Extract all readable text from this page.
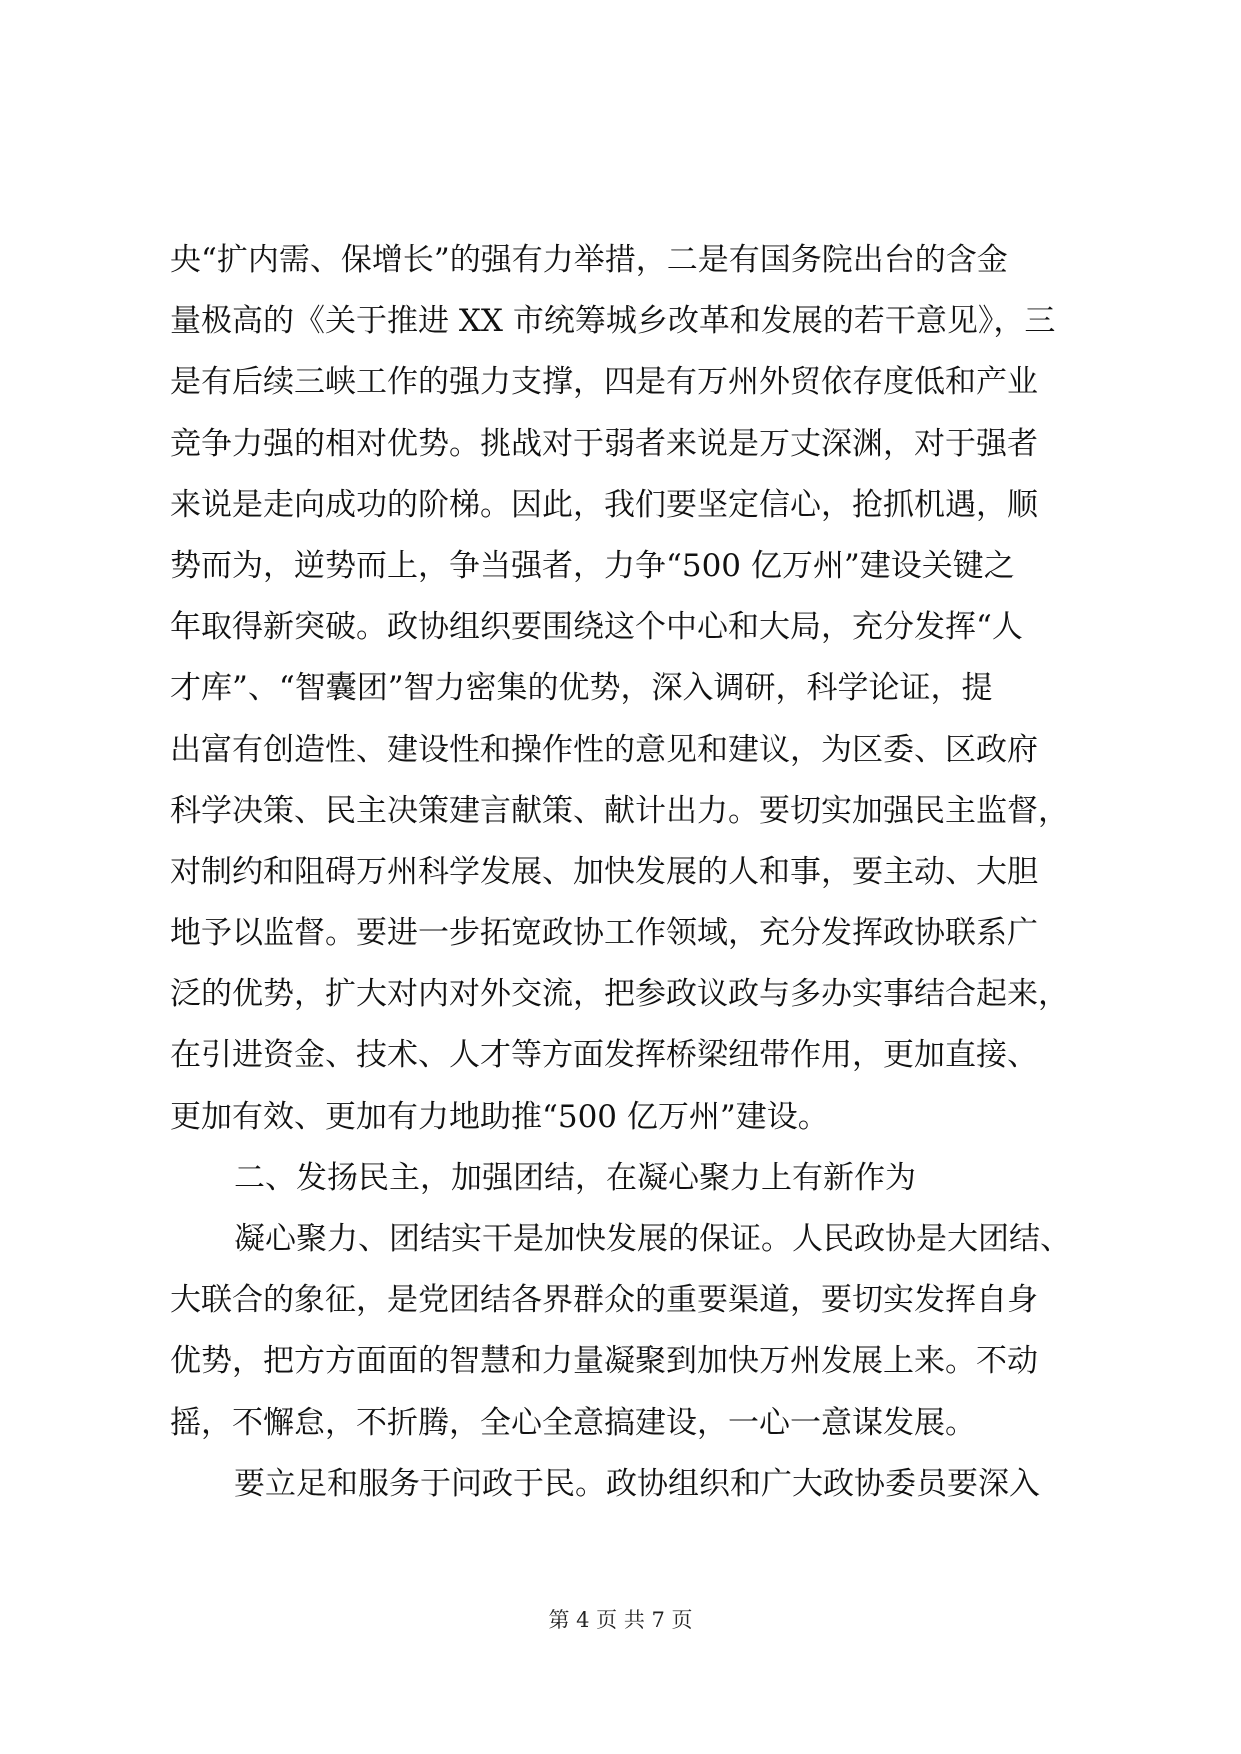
央“扩内需、保增长”的强有力举措，二是有国务院出台的含金
量极高的《关于推进 XX 市统筹城乡改革和发展的若干意见》，三
是有后续三峡工作的强力支撑，四是有万州外贸依存度低和产业
竞争力强的相对优势。挑战对于弱者来说是万丈深渊，对于强者
来说是走向成功的阶梯。因此，我们要坚定信心，抢抓机遇，顺
势而为，逆势而上，争当强者，力争“500 亿万州”建设关键之
年取得新突破。政协组织要围绕这个中心和大局，充分发挥“人
才库”、“智囊团”智力密集的优势，深入调研，科学论证，提
出富有创造性、建设性和操作性的意见和建议，为区委、区政府
科学决策、民主决策建言献策、献计出力。要切实加强民主监督，
对制约和阻碍万州科学发展、加快发展的人和事，要主动、大胆
地予以监督。要进一步拓宽政协工作领域，充分发挥政协联系广
泛的优势，扩大对内对外交流，把参政议政与多办实事结合起来，
在引进资金、技术、人才等方面发挥桥梁纽带作用，更加直接、
更加有效、更加有力地助推“500 亿万州”建设。
二、发扬民主，加强团结，在凝心聚力上有新作为
凝心聚力、团结实干是加快发展的保证。人民政协是大团结、
大联合的象征，是党团结各界群众的重要渠道，要切实发挥自身
优势，把方方面面的智慧和力量凝聚到加快万州发展上来。不动
摇，不懈怠，不折腾，全心全意搞建设，一心一意谋发展。
要立足和服务于问政于民。政协组织和广大政协委员要深入
第 4 页 共 7 页
